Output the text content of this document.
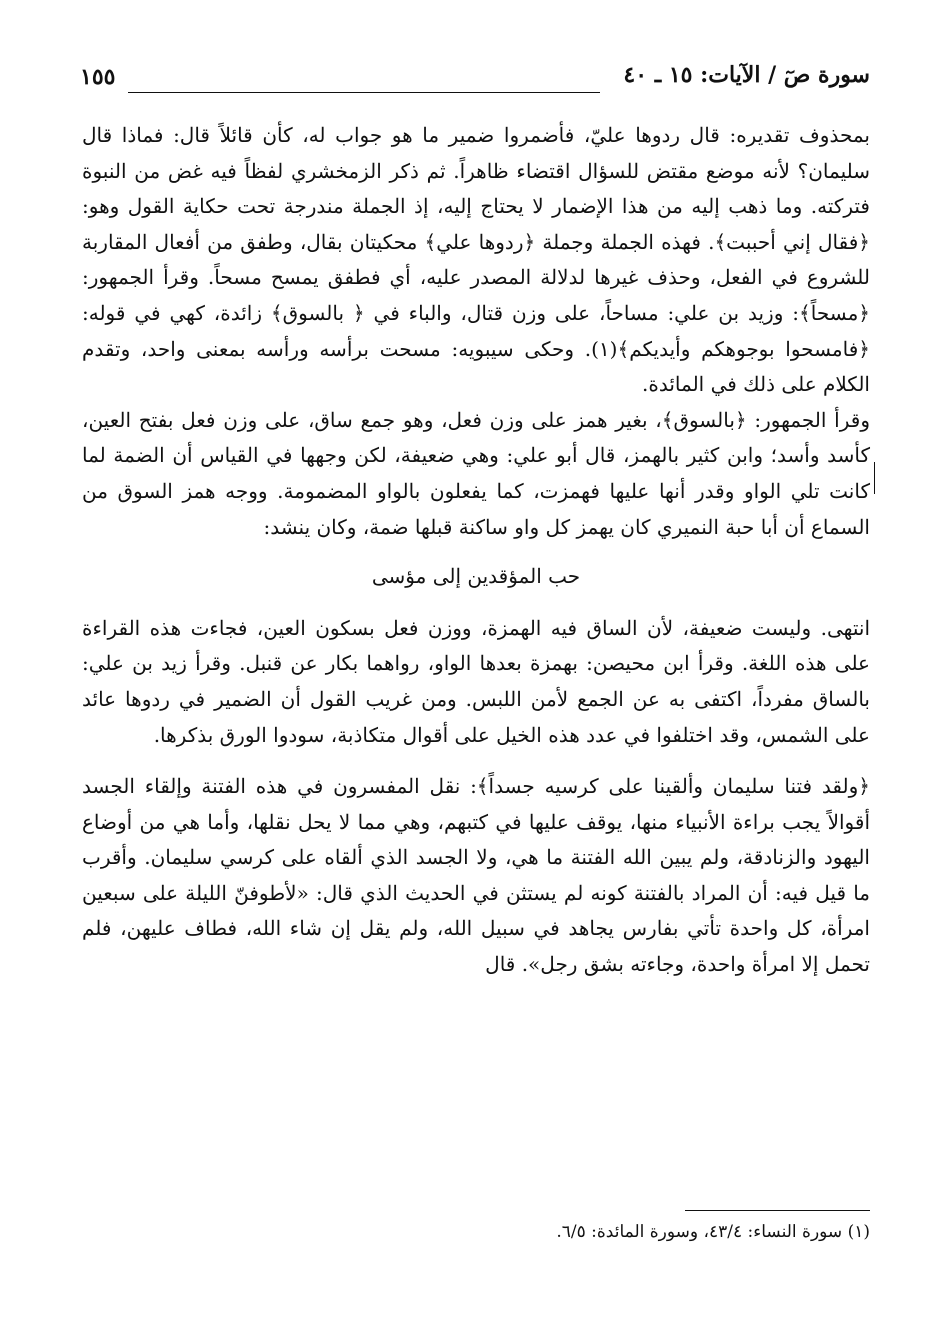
سورة صٓ / الآيات: ١٥ ـ ٤٠
١٥٥

بمحذوف تقديره: قال ردوها عليّ، فأضمروا ضمير ما هو جواب له، كأن قائلاً قال: فماذا قال سليمان؟ لأنه موضع مقتض للسؤال اقتضاء ظاهراً. ثم ذكر الزمخشري لفظاً فيه غض من النبوة فتركته. وما ذهب إليه من هذا الإضمار لا يحتاج إليه، إذ الجملة مندرجة تحت حكاية القول وهو: ﴿فقال إني أحببت﴾. فهذه الجملة وجملة ﴿ردوها علي﴾ محكيتان بقال، وطفق من أفعال المقاربة للشروع في الفعل، وحذف غيرها لدلالة المصدر عليه، أي فطفق يمسح مسحاً. وقرأ الجمهور: ﴿مسحاً﴾: وزيد بن علي: مساحاً، على وزن قتال، والباء في ﴿ بالسوق﴾ زائدة، كهي في قوله: ﴿فامسحوا بوجوهكم وأيديكم﴾(١). وحكى سيبويه: مسحت برأسه ورأسه بمعنى واحد، وتقدم الكلام على ذلك في المائدة.

وقرأ الجمهور: ﴿بالسوق﴾، بغير همز على وزن فعل، وهو جمع ساق، على وزن فعل بفتح العين، كأسد وأسد؛ وابن كثير بالهمز، قال أبو علي: وهي ضعيفة، لكن وجهها في القياس أن الضمة لما كانت تلي الواو وقدر أنها عليها فهمزت، كما يفعلون بالواو المضمومة. ووجه همز السوق من السماع أن أبا حبة النميري كان يهمز كل واو ساكنة قبلها ضمة، وكان ينشد:

حب المؤقدين إلى مؤسى

انتهى. وليست ضعيفة، لأن الساق فيه الهمزة، ووزن فعل بسكون العين، فجاءت هذه القراءة على هذه اللغة. وقرأ ابن محيصن: بهمزة بعدها الواو، رواهما بكار عن قنبل. وقرأ زيد بن علي: بالساق مفرداً، اكتفى به عن الجمع لأمن اللبس. ومن غريب القول أن الضمير في ردوها عائد على الشمس، وقد اختلفوا في عدد هذه الخيل على أقوال متكاذبة، سودوا الورق بذكرها.

﴿ولقد فتنا سليمان وألقينا على كرسيه جسداً﴾: نقل المفسرون في هذه الفتنة وإلقاء الجسد أقوالاً يجب براءة الأنبياء منها، يوقف عليها في كتبهم، وهي مما لا يحل نقلها، وأما هي من أوضاع اليهود والزنادقة، ولم يبين الله الفتنة ما هي، ولا الجسد الذي ألقاه على كرسي سليمان. وأقرب ما قيل فيه: أن المراد بالفتنة كونه لم يستثن في الحديث الذي قال: «لأطوفنّ الليلة على سبعين امرأة، كل واحدة تأتي بفارس يجاهد في سبيل الله، ولم يقل إن شاء الله، فطاف عليهن، فلم تحمل إلا امرأة واحدة، وجاءته بشق رجل». قال

(١) سورة النساء: ٤٣/٤، وسورة المائدة: ٦/٥.
